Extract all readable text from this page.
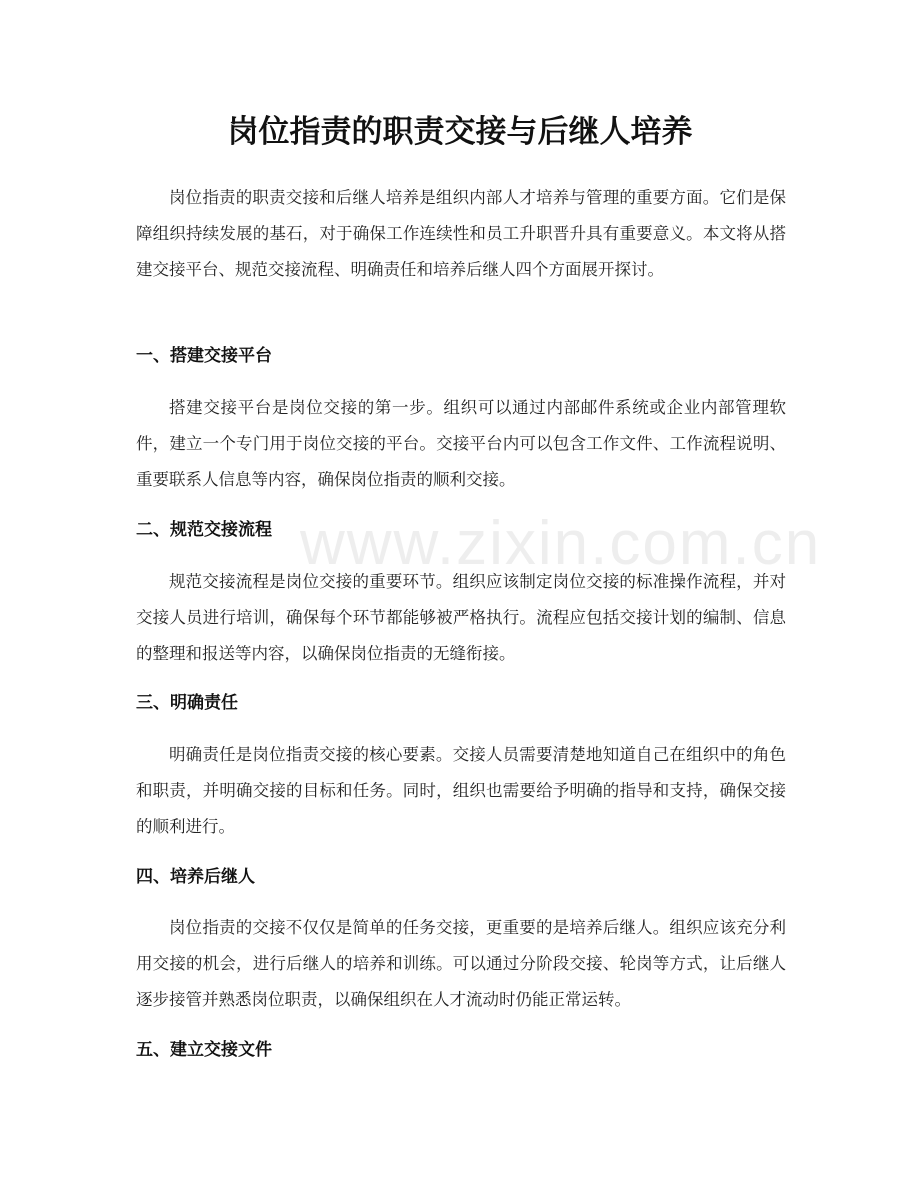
岗位指责的职责交接与后继人培养

岗位指责的职责交接和后继人培养是组织内部人才培养与管理的重要方面。它们是保障组织持续发展的基石，对于确保工作连续性和员工升职晋升具有重要意义。本文将从搭建交接平台、规范交接流程、明确责任和培养后继人四个方面展开探讨。

一、搭建交接平台

搭建交接平台是岗位交接的第一步。组织可以通过内部邮件系统或企业内部管理软件，建立一个专门用于岗位交接的平台。交接平台内可以包含工作文件、工作流程说明、重要联系人信息等内容，确保岗位指责的顺利交接。

二、规范交接流程

规范交接流程是岗位交接的重要环节。组织应该制定岗位交接的标准操作流程，并对交接人员进行培训，确保每个环节都能够被严格执行。流程应包括交接计划的编制、信息的整理和报送等内容，以确保岗位指责的无缝衔接。

三、明确责任

明确责任是岗位指责交接的核心要素。交接人员需要清楚地知道自己在组织中的角色和职责，并明确交接的目标和任务。同时，组织也需要给予明确的指导和支持，确保交接的顺利进行。

四、培养后继人

岗位指责的交接不仅仅是简单的任务交接，更重要的是培养后继人。组织应该充分利用交接的机会，进行后继人的培养和训练。可以通过分阶段交接、轮岗等方式，让后继人逐步接管并熟悉岗位职责，以确保组织在人才流动时仍能正常运转。

五、建立交接文件
www.zixin.com.cn
